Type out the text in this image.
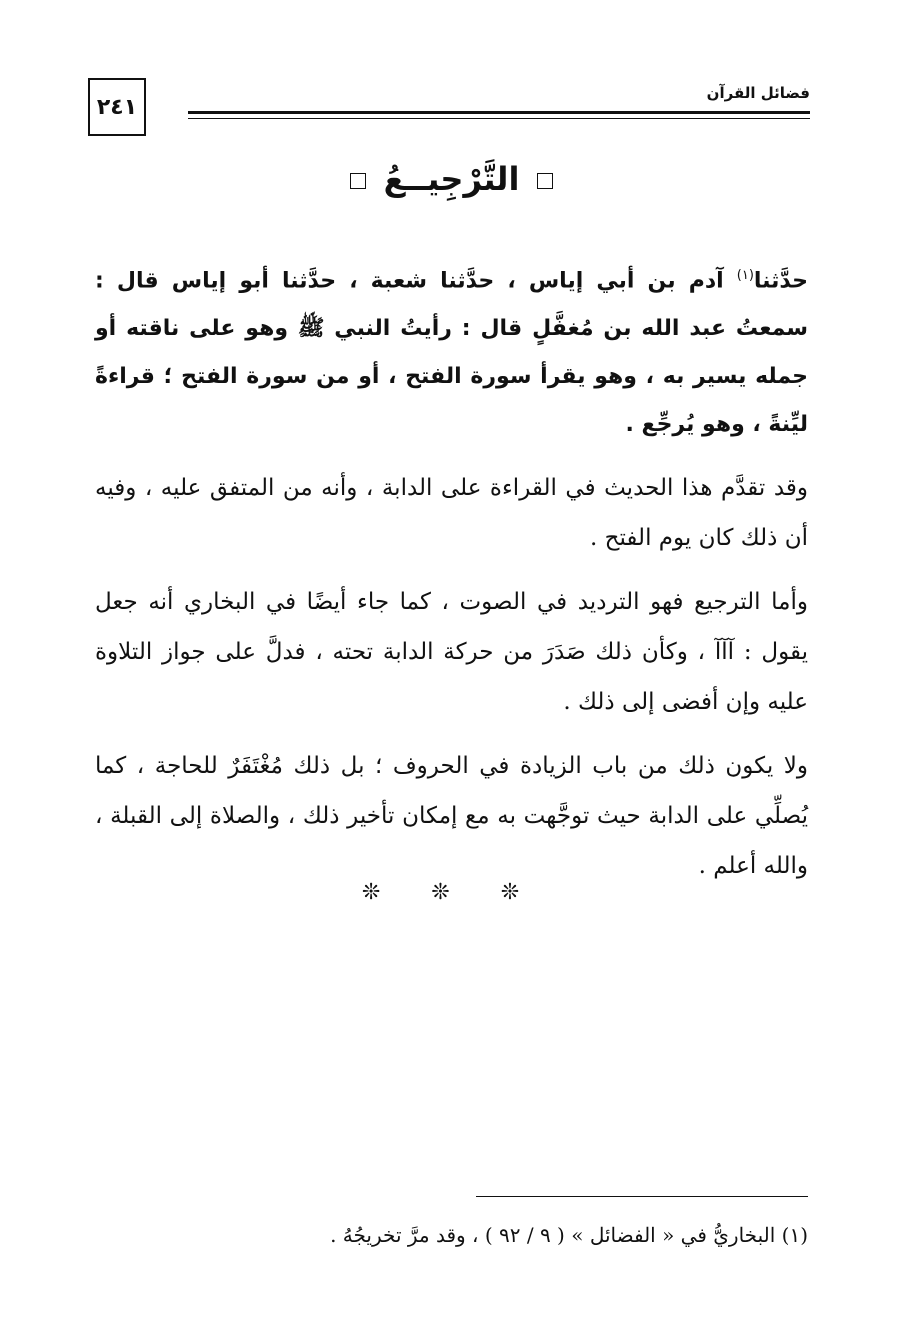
٢٤١
فضائل القرآن
التَّرْجِيــعُ

حدَّثنا$^{(١)}$ آدم بن أبي إياس ، حدَّثنا شعبة ، حدَّثنا أبو إياس قال : سمعتُ عبد الله بن مُغفَّلٍ قال : رأيتُ النبي ﷺ وهو على ناقته أو جمله يسير به ، وهو يقرأ سورة الفتح ، أو من سورة الفتح ؛ قراءةً ليِّنةً ، وهو يُرجِّع .

وقد تقدَّم هذا الحديث في القراءة على الدابة ، وأنه من المتفق عليه ، وفيه أن ذلك كان يوم الفتح .

وأما الترجيع فهو الترديد في الصوت ، كما جاء أيضًا في البخاري أنه جعل يقول : آآآ ، وكأن ذلك صَدَرَ من حركة الدابة تحته ، فدلَّ على جواز التلاوة عليه وإن أفضى إلى ذلك .

ولا يكون ذلك من باب الزيادة في الحروف ؛ بل ذلك مُغْتَفَرٌ للحاجة ، كما يُصلِّي على الدابة حيث توجَّهت به مع إمكان تأخير ذلك ، والصلاة إلى القبلة ، والله أعلم .

❊ ❊ ❊
(١) البخاريُّ في « الفضائل » ( ٩ / ٩٢ ) ، وقد مرَّ تخريجُهُ .
